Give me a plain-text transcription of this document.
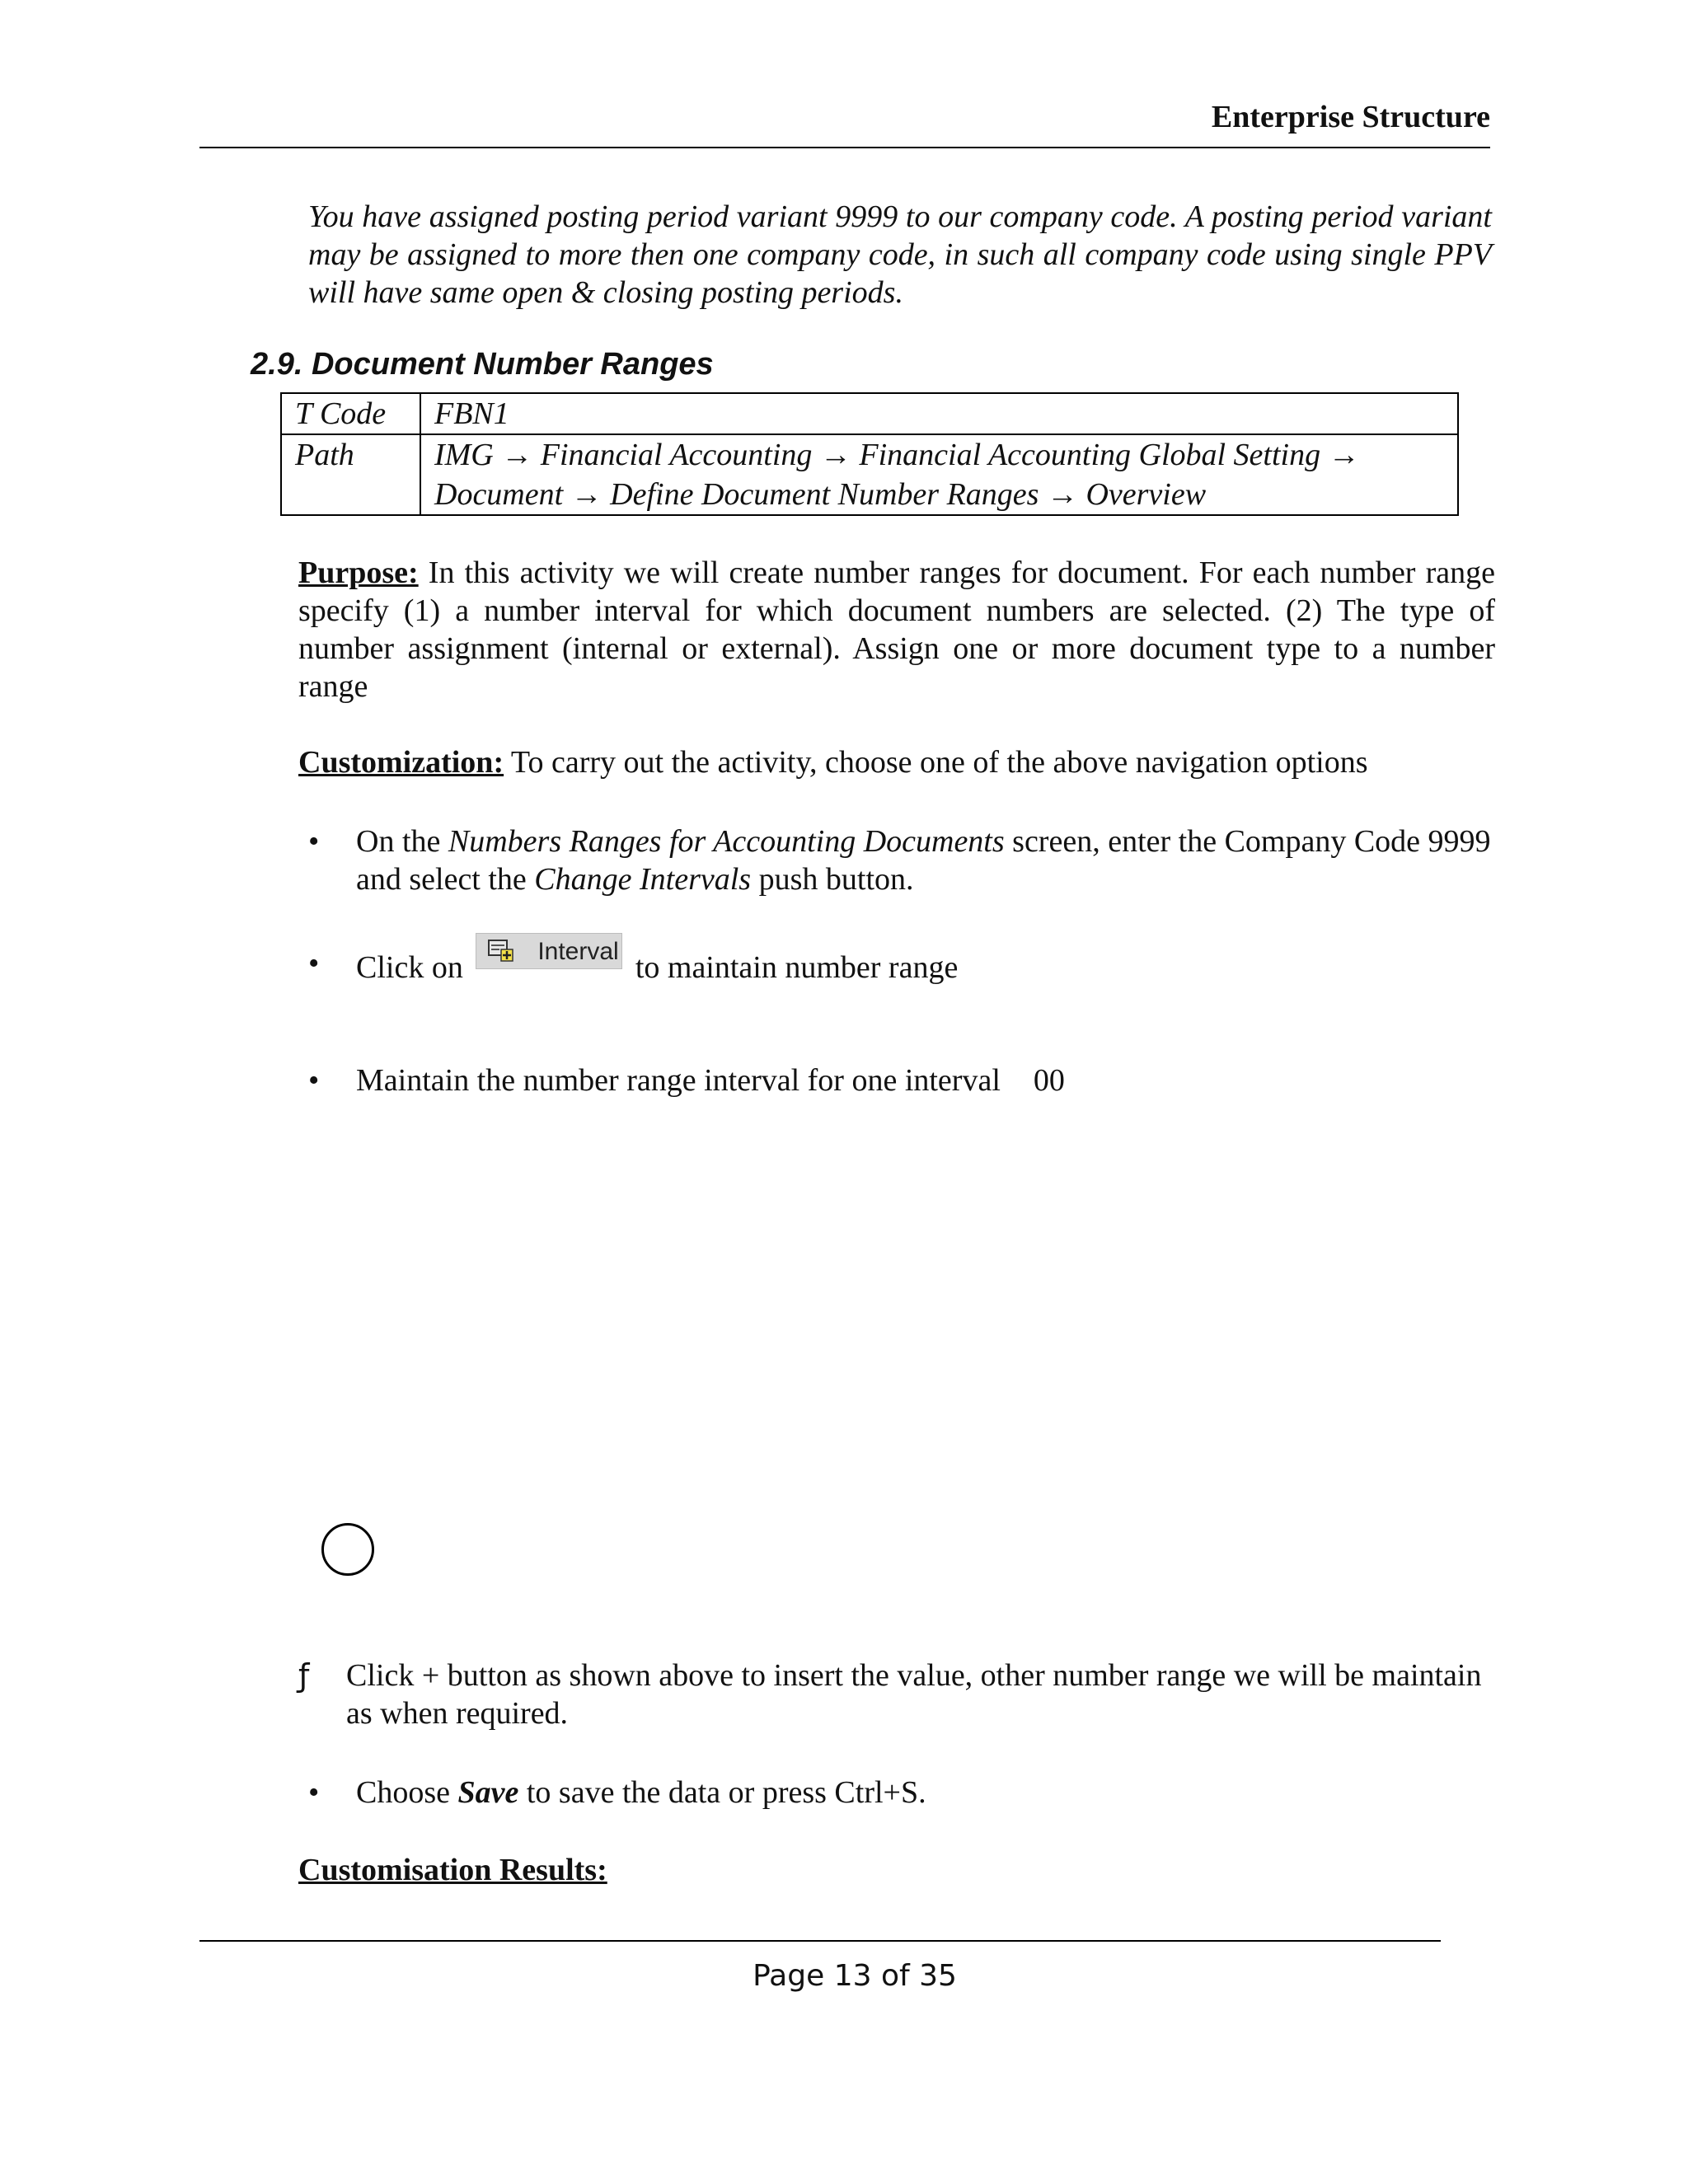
Enterprise Structure

You have assigned posting period variant 9999 to our company code. A posting period variant may be assigned to more then one company code, in such all company code using single PPV will have same open & closing posting periods.

2.9. Document Number Ranges
T Code	FBN1
Path	IMG → Financial Accounting → Financial Accounting Global Setting → Document → Define Document Number Ranges → Overview

Purpose: In this activity we will create number ranges for document. For each number range specify (1) a number interval for which document numbers are selected. (2) The type of number assignment (internal or external). Assign one or more document type to a number range

Customization: To carry out the activity, choose one of the above navigation options

• On the Numbers Ranges for Accounting Documents screen, enter the Company Code 9999 and select the Change Intervals push button.
• Click on	Interval to maintain number range
• Maintain the number range interval for one interval 00
ƒ Click + button as shown above to insert the value, other number range we will be maintain as when required.
• Choose Save to save the data or press Ctrl+S.

Customisation Results:

Page 13 of 35
